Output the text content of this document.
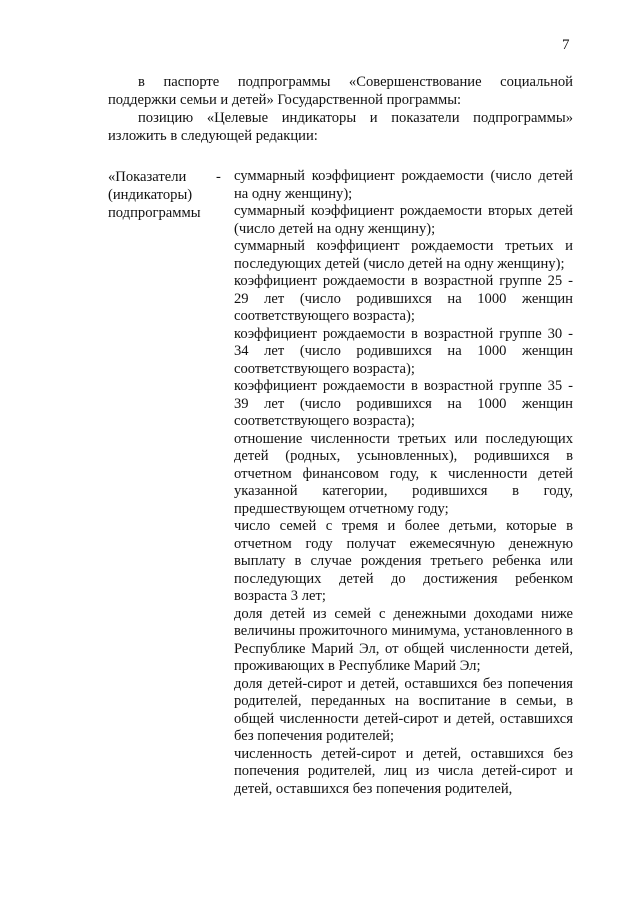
7

в паспорте подпрограммы «Совершенствование социальной поддержки семьи и детей» Государственной программы:

позицию «Целевые индикаторы и показатели подпрограммы» изложить в следующей редакции:

«Показатели
(индикаторы)
подпрограммы
- суммарный коэффициент рождаемости (число детей на одну женщину);

суммарный коэффициент рождаемости вторых детей (число детей на одну женщину);

суммарный коэффициент рождаемости третьих и последующих детей (число детей на одну женщину);

коэффициент рождаемости в возрастной группе 25 - 29 лет (число родившихся на 1000 женщин соответствующего возраста);

коэффициент рождаемости в возрастной группе 30 - 34 лет (число родившихся на 1000 женщин соответствующего возраста);

коэффициент рождаемости в возрастной группе 35 - 39 лет (число родившихся на 1000 женщин соответствующего возраста);

отношение численности третьих или последующих детей (родных, усыновленных), родившихся в отчетном финансовом году, к численности детей указанной категории, родившихся в году, предшествующем отчетному году;

число семей с тремя и более детьми, которые в отчетном году получат ежемесячную денежную выплату в случае рождения третьего ребенка или последующих детей до достижения ребенком возраста 3 лет;

доля детей из семей с денежными доходами ниже величины прожиточного минимума, установленного в Республике Марий Эл, от общей численности детей, проживающих в Республике Марий Эл;

доля детей-сирот и детей, оставшихся без попечения родителей, переданных на воспитание в семьи, в общей численности детей-сирот и детей, оставшихся без попечения родителей;

численность детей-сирот и детей, оставшихся без попечения родителей, лиц из числа детей-сирот и детей, оставшихся без попечения родителей,
